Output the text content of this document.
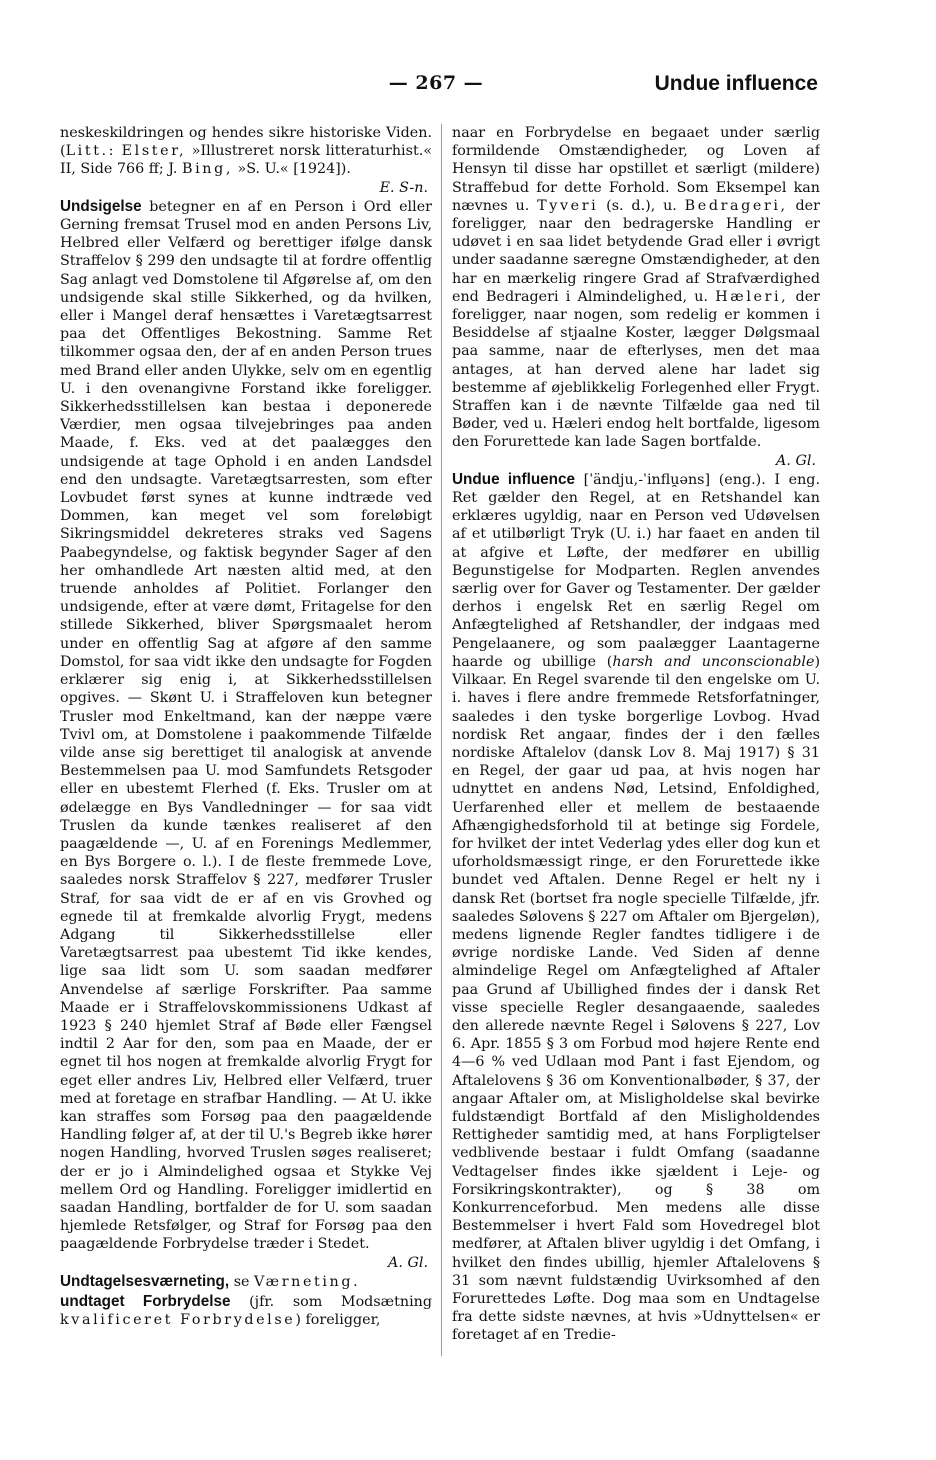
— 267 —	Undue influence

neskeskildringen og hendes sikre historiske Viden. (Litt.: Elster, »Illustreret norsk litteraturhist.« II, Side 766 ff; J. Bing, »S. U.« [1924]).
E. S-n.

Undsigelse betegner en af en Person i Ord eller Gerning fremsat Trusel mod en anden Persons Liv, Helbred eller Velfærd og berettiger ifølge dansk Straffelov § 299 den undsagte til at fordre offentlig Sag anlagt ved Domstolene til Afgørelse af, om den undsigende skal stille Sikkerhed, og da hvilken, eller i Mangel deraf hensættes i Varetægtsarrest paa det Offentliges Bekostning. Samme Ret tilkommer ogsaa den, der af en anden Person trues med Brand eller anden Ulykke, selv om en egentlig U. i den ovenangivne Forstand ikke foreligger. Sikkerhedsstillelsen kan bestaa i deponerede Værdier, men ogsaa tilvejebringes paa anden Maade, f. Eks. ved at det paalægges den undsigende at tage Ophold i en anden Landsdel end den undsagte. Varetægtsarresten, som efter Lovbudet først synes at kunne indtræde ved Dommen, kan meget vel som foreløbigt Sikringsmiddel dekreteres straks ved Sagens Paabegyndelse, og faktisk begynder Sager af den her omhandlede Art næsten altid med, at den truende anholdes af Politiet. Forlanger den undsigende, efter at være dømt, Fritagelse for den stillede Sikkerhed, bliver Spørgsmaalet herom under en offentlig Sag at afgøre af den samme Domstol, for saa vidt ikke den undsagte for Fogden erklærer sig enig i, at Sikkerhedsstillelsen opgives. — Skønt U. i Straffeloven kun betegner Trusler mod Enkeltmand, kan der næppe være Tvivl om, at Domstolene i paakommende Tilfælde vilde anse sig berettiget til analogisk at anvende Bestemmelsen paa U. mod Samfundets Retsgoder eller en ubestemt Flerhed (f. Eks. Trusler om at ødelægge en Bys Vandledninger — for saa vidt Truslen da kunde tænkes realiseret af den paagældende —, U. af en Forenings Medlemmer, en Bys Borgere o. l.). I de fleste fremmede Love, saaledes norsk Straffelov § 227, medfører Trusler Straf, for saa vidt de er af en vis Grovhed og egnede til at fremkalde alvorlig Frygt, medens Adgang til Sikkerhedsstillelse eller Varetægtsarrest paa ubestemt Tid ikke kendes, lige saa lidt som U. som saadan medfører Anvendelse af særlige Forskrifter. Paa samme Maade er i Straffelovskommissionens Udkast af 1923 § 240 hjemlet Straf af Bøde eller Fængsel indtil 2 Aar for den, som paa en Maade, der er egnet til hos nogen at fremkalde alvorlig Frygt for eget eller andres Liv, Helbred eller Velfærd, truer med at foretage en strafbar Handling. — At U. ikke kan straffes som Forsøg paa den paagældende Handling følger af, at der til U.'s Begreb ikke hører nogen Handling, hvorved Truslen søges realiseret; der er jo i Almindelighed ogsaa et Stykke Vej mellem Ord og Handling. Foreligger imidlertid en saadan Handling, bortfalder de for U. som saadan hjemlede Retsfølger, og Straf for Forsøg paa den paagældende Forbrydelse træder i Stedet.
A. Gl.

Undtagelsesværneting, se Værneting.

undtaget Forbrydelse (jfr. som Modsætning kvalificeret Forbrydelse) foreligger,

naar en Forbrydelse en begaaet under særlig formildende Omstændigheder, og Loven af Hensyn til disse har opstillet et særligt (mildere) Straffebud for dette Forhold. Som Eksempel kan nævnes u. Tyveri (s. d.), u. Bedrageri, der foreligger, naar den bedragerske Handling er udøvet i en saa lidet betydende Grad eller i øvrigt under saadanne særegne Omstændigheder, at den har en mærkelig ringere Grad af Strafværdighed end Bedrageri i Almindelighed, u. Hæleri, der foreligger, naar nogen, som redelig er kommen i Besiddelse af stjaalne Koster, lægger Dølgsmaal paa samme, naar de efterlyses, men det maa antages, at han derved alene har ladet sig bestemme af øjeblikkelig Forlegenhed eller Frygt. Straffen kan i de nævnte Tilfælde gaa ned til Bøder, ved u. Hæleri endog helt bortfalde, ligesom den Forurettede kan lade Sagen bortfalde.
A. Gl.

Undue influence [ˈändju,-ˈinflu̯əns] (eng.). I eng. Ret gælder den Regel, at en Retshandel kan erklæres ugyldig, naar en Person ved Udøvelsen af et utilbørligt Tryk (U. i.) har faaet en anden til at afgive et Løfte, der medfører en ubillig Begunstigelse for Modparten. Reglen anvendes særlig over for Gaver og Testamenter. Der gælder derhos i engelsk Ret en særlig Regel om Anfægtelighed af Retshandler, der indgaas med Pengelaanere, og som paalægger Laantagerne haarde og ubillige (harsh and unconscionable) Vilkaar. En Regel svarende til den engelske om U. i. haves i flere andre fremmede Retsforfatninger, saaledes i den tyske borgerlige Lovbog. Hvad nordisk Ret angaar, findes der i den fælles nordiske Aftalelov (dansk Lov 8. Maj 1917) § 31 en Regel, der gaar ud paa, at hvis nogen har udnyttet en andens Nød, Letsind, Enfoldighed, Uerfarenhed eller et mellem de bestaaende Afhængighedsforhold til at betinge sig Fordele, for hvilket der intet Vederlag ydes eller dog kun et uforholdsmæssigt ringe, er den Forurettede ikke bundet ved Aftalen. Denne Regel er helt ny i dansk Ret (bortset fra nogle specielle Tilfælde, jfr. saaledes Sølovens § 227 om Aftaler om Bjergeløn), medens lignende Regler fandtes tidligere i de øvrige nordiske Lande. Ved Siden af denne almindelige Regel om Anfægtelighed af Aftaler paa Grund af Ubillighed findes der i dansk Ret visse specielle Regler desangaaende, saaledes den allerede nævnte Regel i Sølovens § 227, Lov 6. Apr. 1855 § 3 om Forbud mod højere Rente end 4—6 % ved Udlaan mod Pant i fast Ejendom, og Aftalelovens § 36 om Konventionalbøder, § 37, der angaar Aftaler om, at Misligholdelse skal bevirke fuldstændigt Bortfald af den Misligholdendes Rettigheder samtidig med, at hans Forpligtelser vedblivende bestaar i fuldt Omfang (saadanne Vedtagelser findes ikke sjældent i Leje- og Forsikringskontrakter), og § 38 om Konkurrenceforbud. Men medens alle disse Bestemmelser i hvert Fald som Hovedregel blot medfører, at Aftalen bliver ugyldig i det Omfang, i hvilket den findes ubillig, hjemler Aftalelovens § 31 som nævnt fuldstændig Uvirksomhed af den Forurettedes Løfte. Dog maa som en Undtagelse fra dette sidste nævnes, at hvis »Udnyttelsen« er foretaget af en Tredie-
